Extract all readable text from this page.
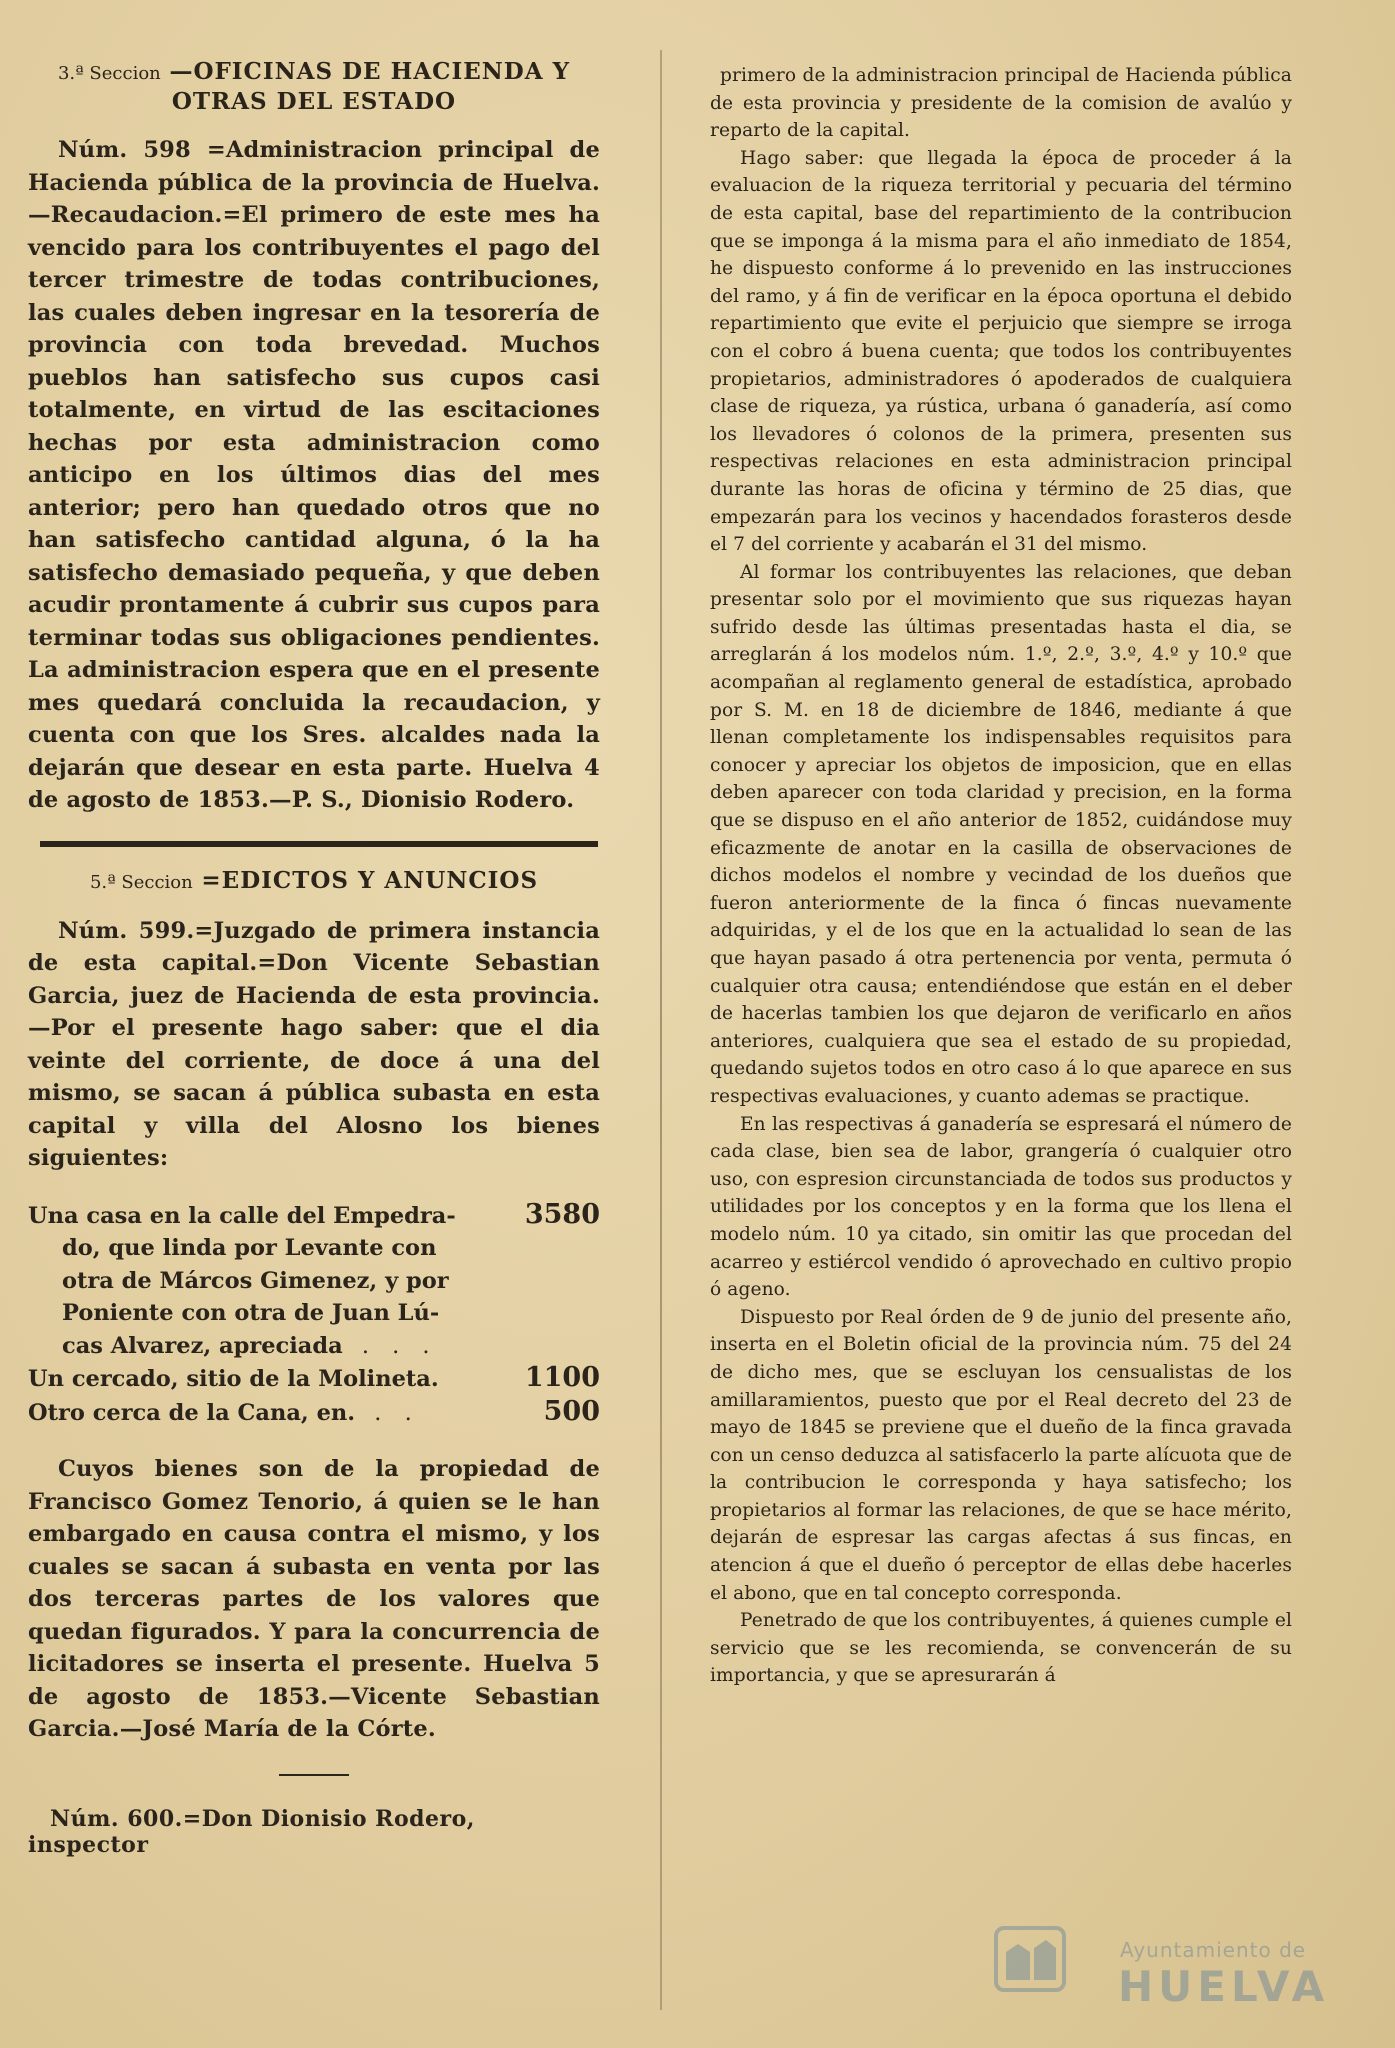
3.ª Seccion —OFICINAS DE HACIENDA Y OTRAS DEL ESTADO

Núm. 598 =Administracion principal de Hacienda pública de la provincia de Huelva.—Recaudacion.=El primero de este mes ha vencido para los contribuyentes el pago del tercer trimestre de todas contribuciones, las cuales deben ingresar en la tesorería de provincia con toda brevedad. Muchos pueblos han satisfecho sus cupos casi totalmente, en virtud de las escitaciones hechas por esta administracion como anticipo en los últimos dias del mes anterior; pero han quedado otros que no han satisfecho cantidad alguna, ó la ha satisfecho demasiado pequeña, y que deben acudir prontamente á cubrir sus cupos para terminar todas sus obligaciones pendientes. La administracion espera que en el presente mes quedará concluida la recaudacion, y cuenta con que los Sres. alcaldes nada la dejarán que desear en esta parte. Huelva 4 de agosto de 1853.—P. S., Dionisio Rodero.

5.ª Seccion =EDICTOS Y ANUNCIOS

Núm. 599.=Juzgado de primera instancia de esta capital.=Don Vicente Sebastian Garcia, juez de Hacienda de esta provincia.—Por el presente hago saber: que el dia veinte del corriente, de doce á una del mismo, se sacan á pública subasta en esta capital y villa del Alosno los bienes siguientes:

Una casa en la calle del Empedra-
do, que linda por Levante con
otra de Márcos Gimenez, y por
Poniente con otra de Juan Lú-
cas Alvarez, apreciada . . .
3580
Un cercado, sitio de la Molineta.	1100
Otro cerca de la Cana, en. . .	500

Cuyos bienes son de la propiedad de Francisco Gomez Tenorio, á quien se le han embargado en causa contra el mismo, y los cuales se sacan á subasta en venta por las dos terceras partes de los valores que quedan figurados. Y para la concurrencia de licitadores se inserta el presente. Huelva 5 de agosto de 1853.—Vicente Sebastian Garcia.—José María de la Córte.

Núm. 600.=Don Dionisio Rodero, inspector

primero de la administracion principal de Hacienda pública de esta provincia y presidente de la comision de avalúo y reparto de la capital.

Hago saber: que llegada la época de proceder á la evaluacion de la riqueza territorial y pecuaria del término de esta capital, base del repartimiento de la contribucion que se imponga á la misma para el año inmediato de 1854, he dispuesto conforme á lo prevenido en las instrucciones del ramo, y á fin de verificar en la época oportuna el debido repartimiento que evite el perjuicio que siempre se irroga con el cobro á buena cuenta; que todos los contribuyentes propietarios, administradores ó apoderados de cualquiera clase de riqueza, ya rústica, urbana ó ganadería, así como los llevadores ó colonos de la primera, presenten sus respectivas relaciones en esta administracion principal durante las horas de oficina y término de 25 dias, que empezarán para los vecinos y hacendados forasteros desde el 7 del corriente y acabarán el 31 del mismo.

Al formar los contribuyentes las relaciones, que deban presentar solo por el movimiento que sus riquezas hayan sufrido desde las últimas presentadas hasta el dia, se arreglarán á los modelos núm. 1.º, 2.º, 3.º, 4.º y 10.º que acompañan al reglamento general de estadística, aprobado por S. M. en 18 de diciembre de 1846, mediante á que llenan completamente los indispensables requisitos para conocer y apreciar los objetos de imposicion, que en ellas deben aparecer con toda claridad y precision, en la forma que se dispuso en el año anterior de 1852, cuidándose muy eficazmente de anotar en la casilla de observaciones de dichos modelos el nombre y vecindad de los dueños que fueron anteriormente de la finca ó fincas nuevamente adquiridas, y el de los que en la actualidad lo sean de las que hayan pasado á otra pertenencia por venta, permuta ó cualquier otra causa; entendiéndose que están en el deber de hacerlas tambien los que dejaron de verificarlo en años anteriores, cualquiera que sea el estado de su propiedad, quedando sujetos todos en otro caso á lo que aparece en sus respectivas evaluaciones, y cuanto ademas se practique.

En las respectivas á ganadería se espresará el número de cada clase, bien sea de labor, grangería ó cualquier otro uso, con espresion circunstanciada de todos sus productos y utilidades por los conceptos y en la forma que los llena el modelo núm. 10 ya citado, sin omitir las que procedan del acarreo y estiércol vendido ó aprovechado en cultivo propio ó ageno.

Dispuesto por Real órden de 9 de junio del presente año, inserta en el Boletin oficial de la provincia núm. 75 del 24 de dicho mes, que se escluyan los censualistas de los amillaramientos, puesto que por el Real decreto del 23 de mayo de 1845 se previene que el dueño de la finca gravada con un censo deduzca al satisfacerlo la parte alícuota que de la contribucion le corresponda y haya satisfecho; los propietarios al formar las relaciones, de que se hace mérito, dejarán de espresar las cargas afectas á sus fincas, en atencion á que el dueño ó perceptor de ellas debe hacerles el abono, que en tal concepto corresponda.

Penetrado de que los contribuyentes, á quienes cumple el servicio que se les recomienda, se convencerán de su importancia, y que se apresurarán á

Ayuntamiento de
HUELVA
